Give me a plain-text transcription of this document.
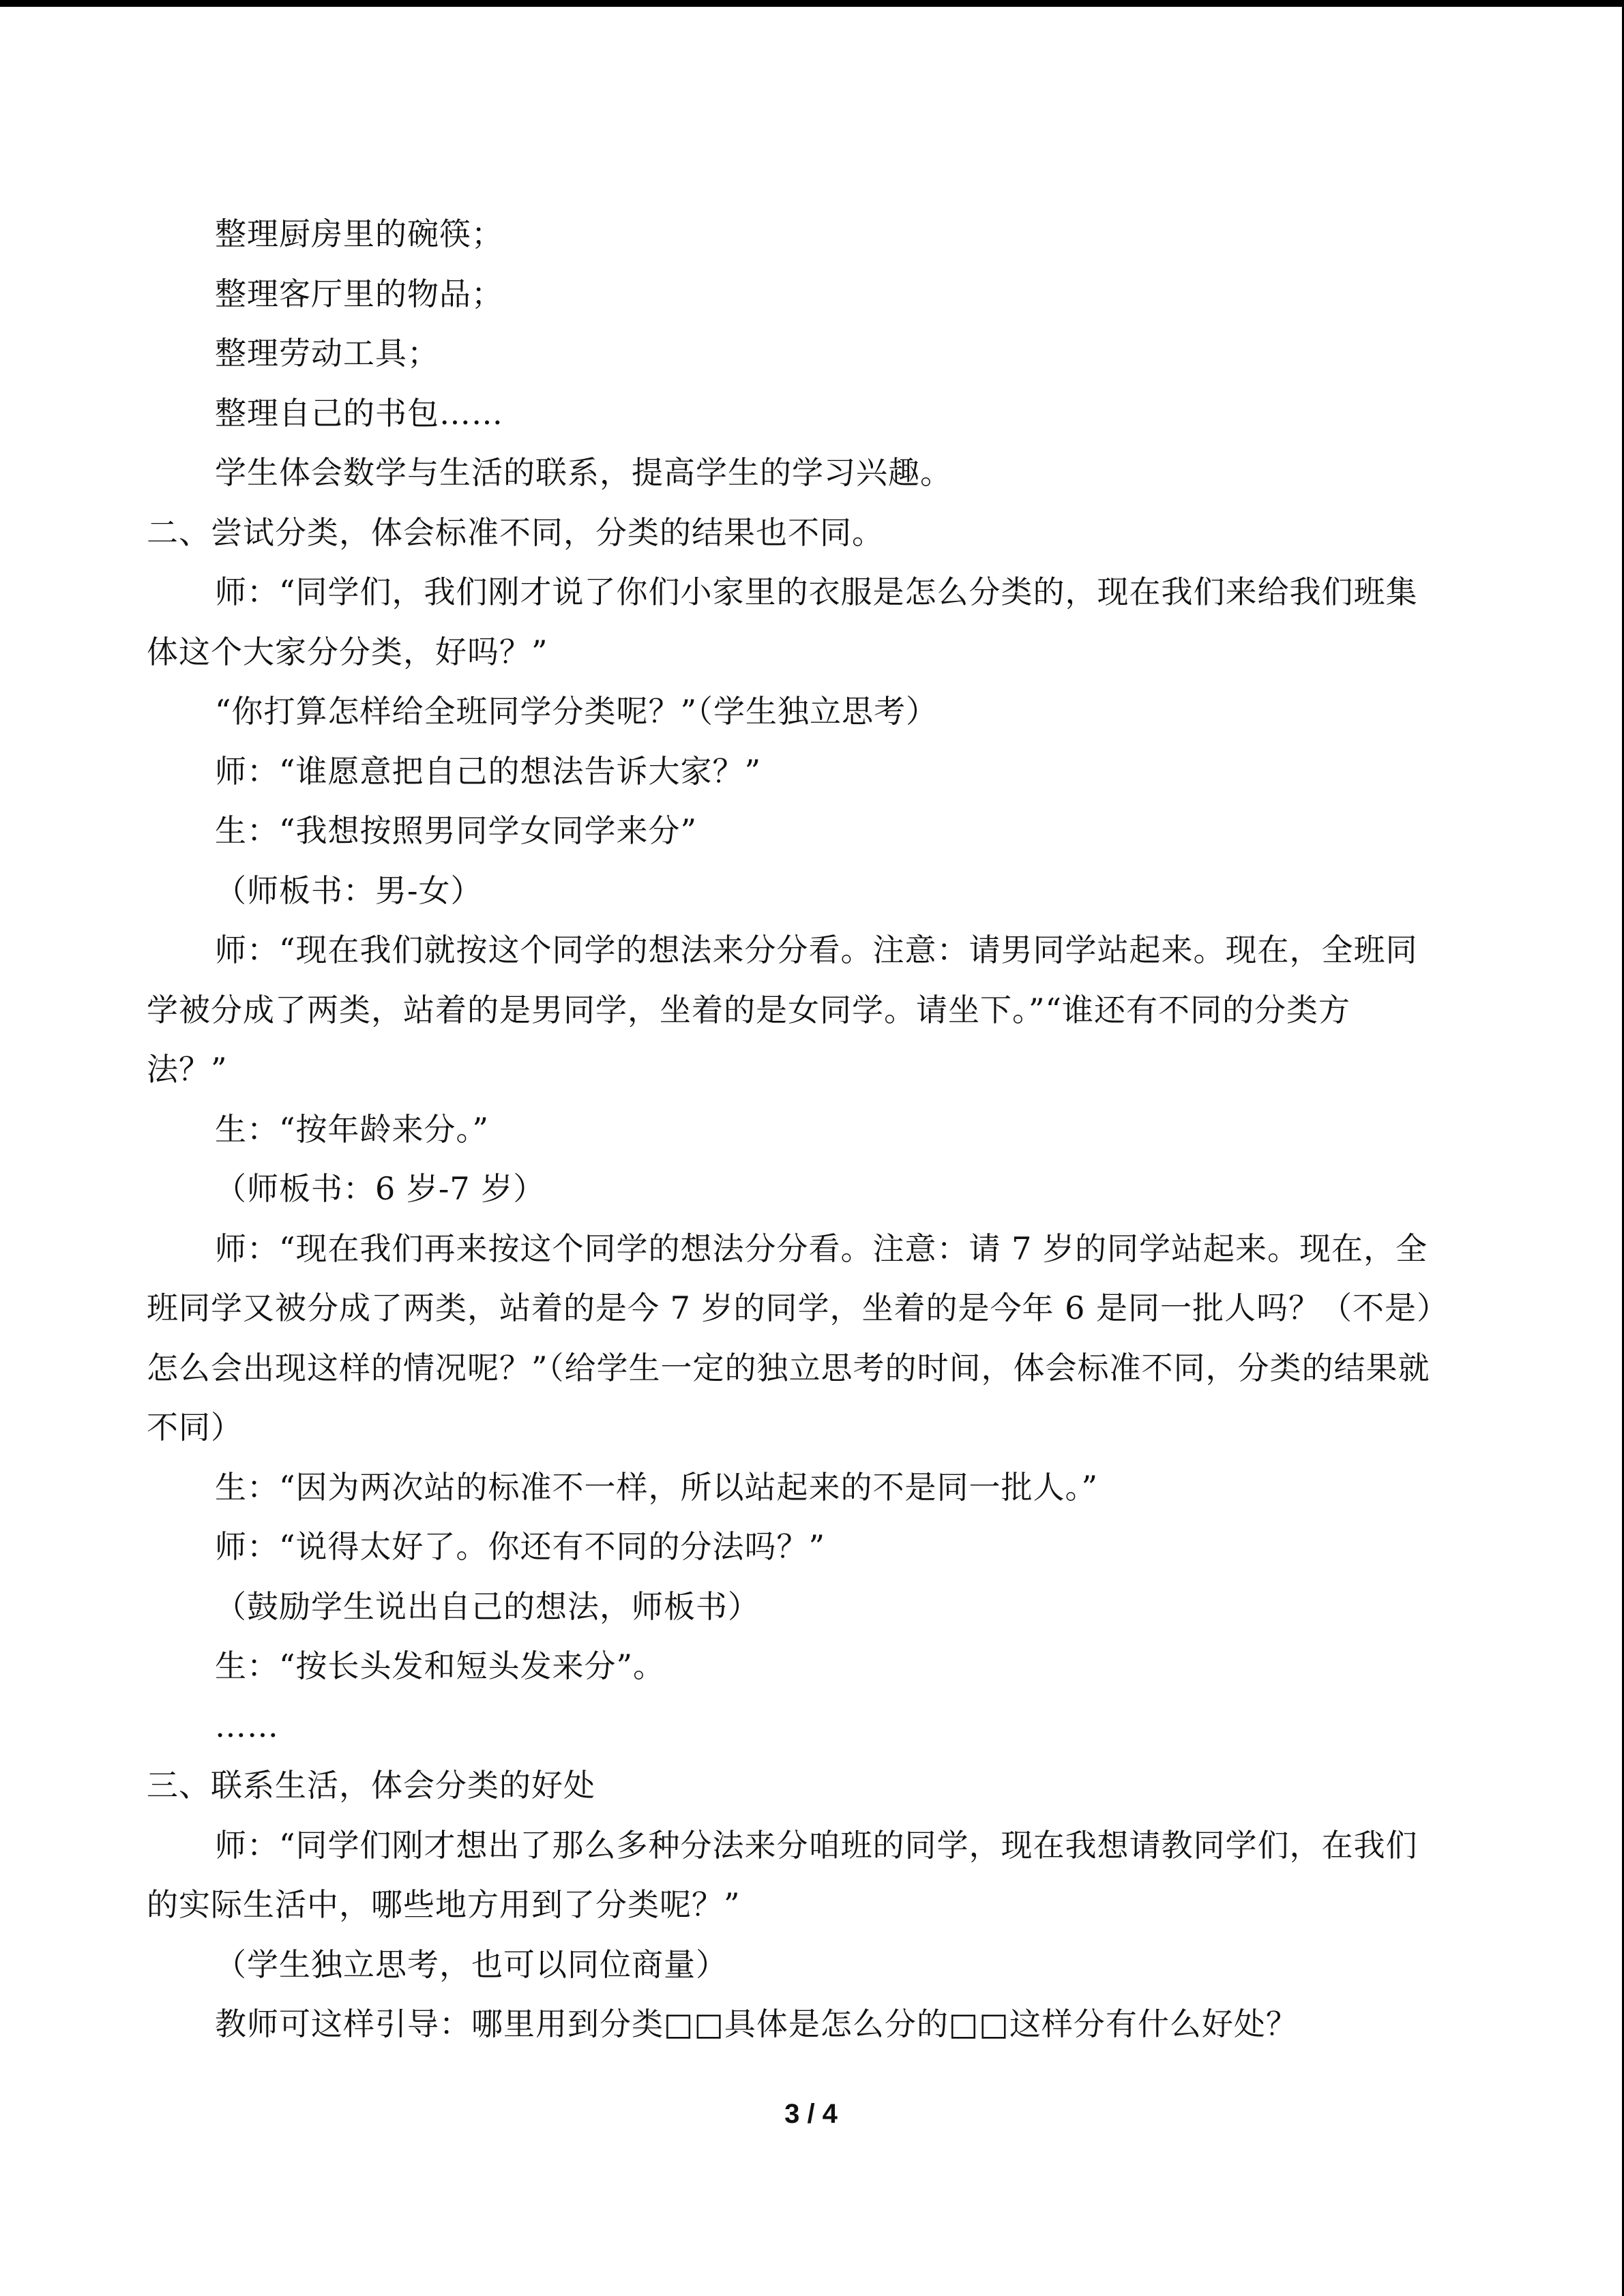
整理厨房里的碗筷；
整理客厅里的物品；
整理劳动工具；
整理自己的书包……
学生体会数学与生活的联系，提高学生的学习兴趣。
二、尝试分类，体会标准不同，分类的结果也不同。
师：“同学们，我们刚才说了你们小家里的衣服是怎么分类的，现在我们来给我们班集
体这个大家分分类，好吗？”
“你打算怎样给全班同学分类呢？”（学生独立思考）
师：“谁愿意把自己的想法告诉大家？”
生：“我想按照男同学女同学来分”
（师板书：男-女）
师：“现在我们就按这个同学的想法来分分看。注意：请男同学站起来。现在，全班同
学被分成了两类，站着的是男同学，坐着的是女同学。请坐下。”“谁还有不同的分类方
法？”
生：“按年龄来分。”
（师板书：6 岁-7 岁）
师：“现在我们再来按这个同学的想法分分看。注意：请 7 岁的同学站起来。现在，全
班同学又被分成了两类，站着的是今 7 岁的同学，坐着的是今年 6 是同一批人吗？（不是）
怎么会出现这样的情况呢？”（给学生一定的独立思考的时间，体会标准不同，分类的结果就
不同）
生：“因为两次站的标准不一样，所以站起来的不是同一批人。”
师：“说得太好了。你还有不同的分法吗？”
（鼓励学生说出自己的想法，师板书）
生：“按长头发和短头发来分”。
……
三、联系生活，体会分类的好处
师：“同学们刚才想出了那么多种分法来分咱班的同学，现在我想请教同学们，在我们
的实际生活中，哪些地方用到了分类呢？”
（学生独立思考，也可以同位商量）
教师可这样引导：哪里用到分类□□具体是怎么分的□□这样分有什么好处？
3 / 4
